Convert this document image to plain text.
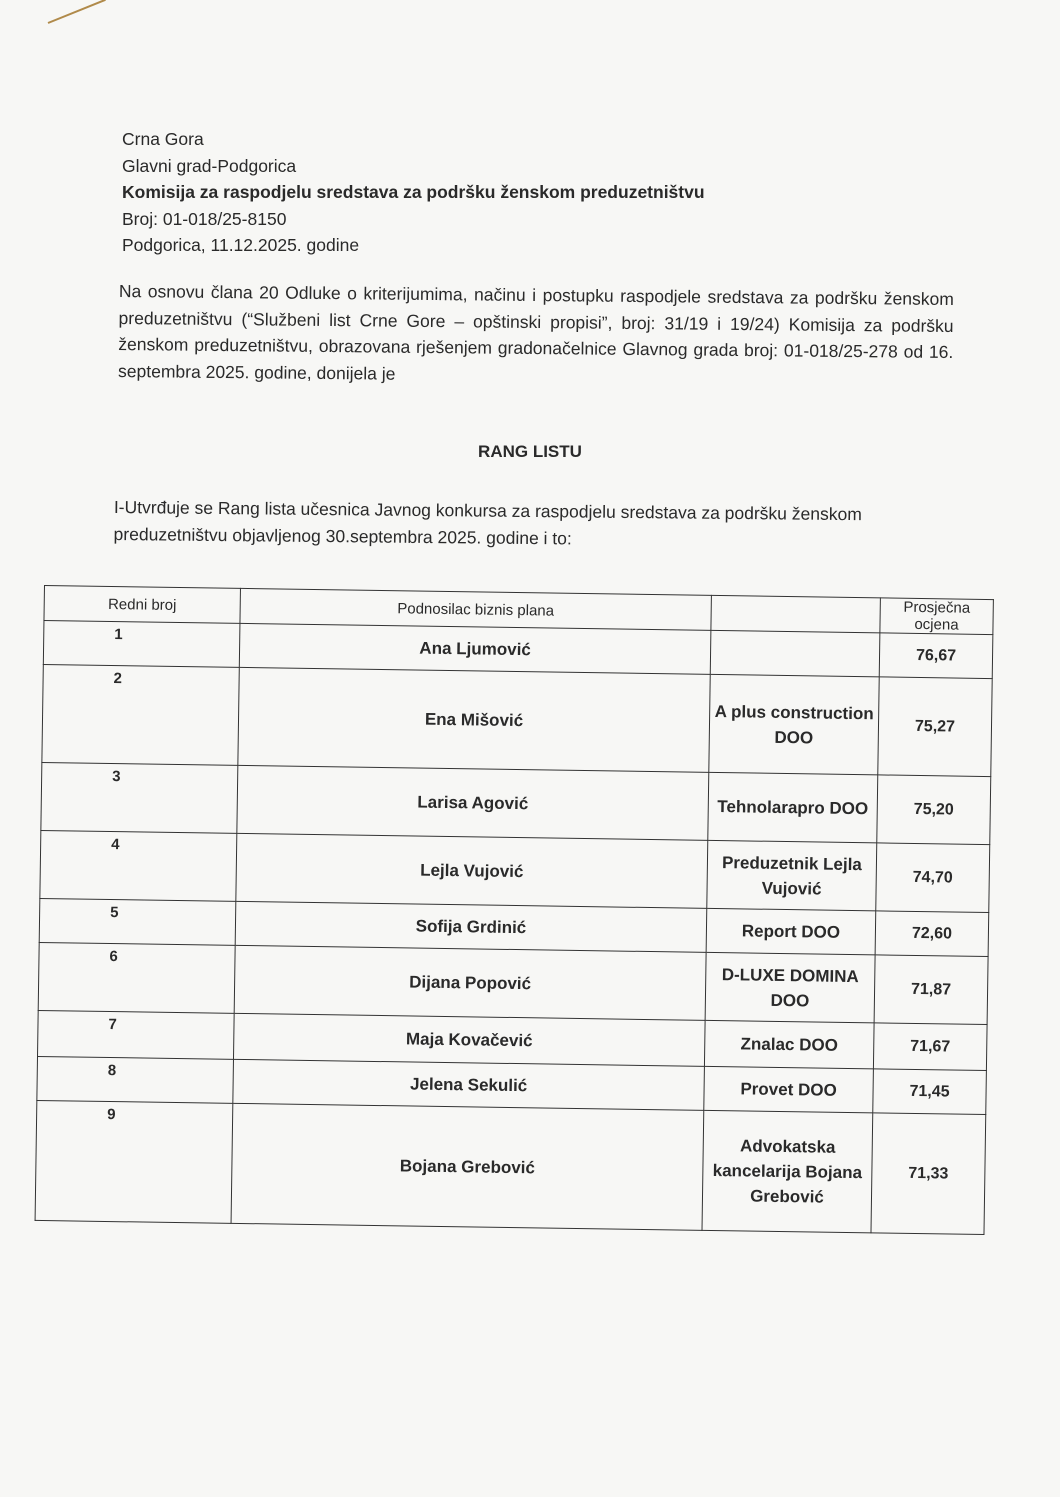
Crna Gora
Glavni grad-Podgorica
Komisija za raspodjelu sredstava za podršku ženskom preduzetništvu
Broj: 01-018/25-8150
Podgorica, 11.12.2025. godine
Na osnovu člana 20 Odluke o kriterijumima, načinu i postupku raspodjele sredstava za podršku ženskom preduzetništvu (“Službeni list Crne Gore – opštinski propisi”, broj: 31/19 i 19/24) Komisija za podršku ženskom preduzetništvu, obrazovana rješenjem gradonačelnice Glavnog grada broj: 01-018/25-278 od 16. septembra 2025. godine, donijela je
RANG LISTU
I-Utvrđuje se Rang lista učesnica Javnog konkursa za raspodjelu sredstava za podršku ženskom preduzetništvu objavljenog 30.septembra 2025. godine i to:
Redni broj	Podnosilac biznis plana		Prosječna ocjena
1	Ana Ljumović		76,67
2	Ena Mišović	A plus construction DOO	75,27
3	Larisa Agović	Tehnolarapro DOO	75,20
4	Lejla Vujović	Preduzetnik Lejla Vujović	74,70
5	Sofija Grdinić	Report DOO	72,60
6	Dijana Popović	D-LUXE DOMINA DOO	71,87
7	Maja Kovačević	Znalac DOO	71,67
8	Jelena Sekulić	Provet DOO	71,45
9	Bojana Grebović	Advokatska kancelarija Bojana Grebović	71,33
